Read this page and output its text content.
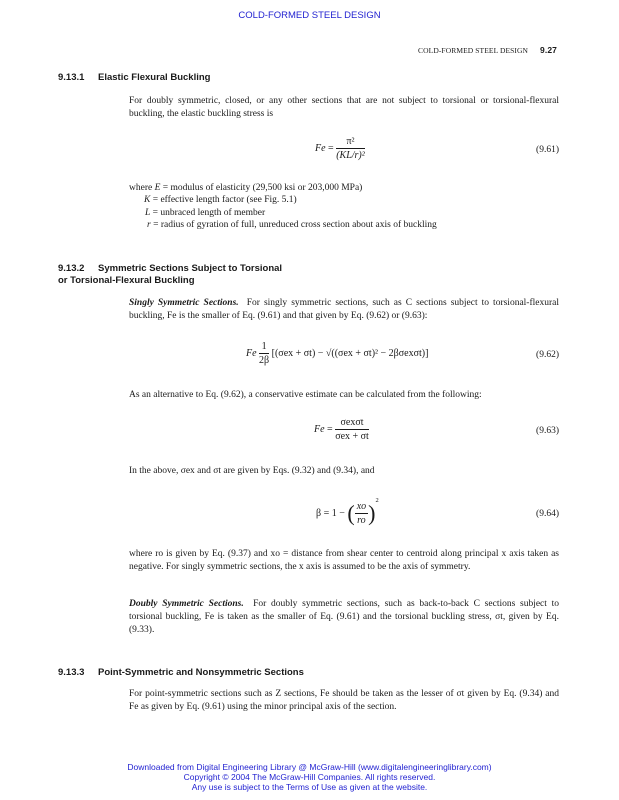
COLD-FORMED STEEL DESIGN
COLD-FORMED STEEL DESIGN 9.27
9.13.1 Elastic Flexural Buckling
For doubly symmetric, closed, or any other sections that are not subject to torsional or torsional-flexural buckling, the elastic buckling stress is
$Fe = \frac{\text{π²}}{\text{(KL/r)²}}$	(9.61)
where E = modulus of elasticity (29,500 ksi or 203,000 MPa)
K = effective length factor (see Fig. 5.1)
L = unbraced length of member
r = radius of gyration of full, unreduced cross section about axis of buckling
9.13.2 Symmetric Sections Subject to Torsional
or Torsional-Flexural Buckling
Singly Symmetric Sections. For singly symmetric sections, such as C sections subject to torsional-flexural buckling, Fe is the smaller of Eq. (9.61) and that given by Eq. (9.62) or (9.63):
Fe $\frac{1}{2\beta} [(\sigma ex + \sigma t) - √((\sigma ex + \sigma t)^2 - 2\beta\sigma ex\sigma t)]$	(9.62)
As an alternative to Eq. (9.62), a conservative estimate can be calculated from the following:
$Fe = \frac{\text{σexσt}}{\text{σex + σt}}$	(9.63)
In the above, σex and σt are given by Eqs. (9.32) and (9.34), and
β = 1 − ( $\frac{xo}{ro} )^2$
(9.64)
where ro is given by Eq. (9.37) and xo = distance from shear center to centroid along principal x axis taken as negative. For singly symmetric sections, the x axis is assumed to be the axis of symmetry.
Doubly Symmetric Sections. For doubly symmetric sections, such as back-to-back C sections subject to torsional buckling, Fe is taken as the smaller of Eq. (9.61) and the torsional buckling stress, σt, given by Eq. (9.33).
9.13.3 Point-Symmetric and Nonsymmetric Sections
For point-symmetric sections such as Z sections, Fe should be taken as the lesser of σt given by Eq. (9.34) and Fe as given by Eq. (9.61) using the minor principal axis of the section.
Downloaded from Digital Engineering Library @ McGraw-Hill (www.digitalengineeringlibrary.com)
Copyright © 2004 The McGraw-Hill Companies. All rights reserved.
Any use is subject to the Terms of Use as given at the website.
